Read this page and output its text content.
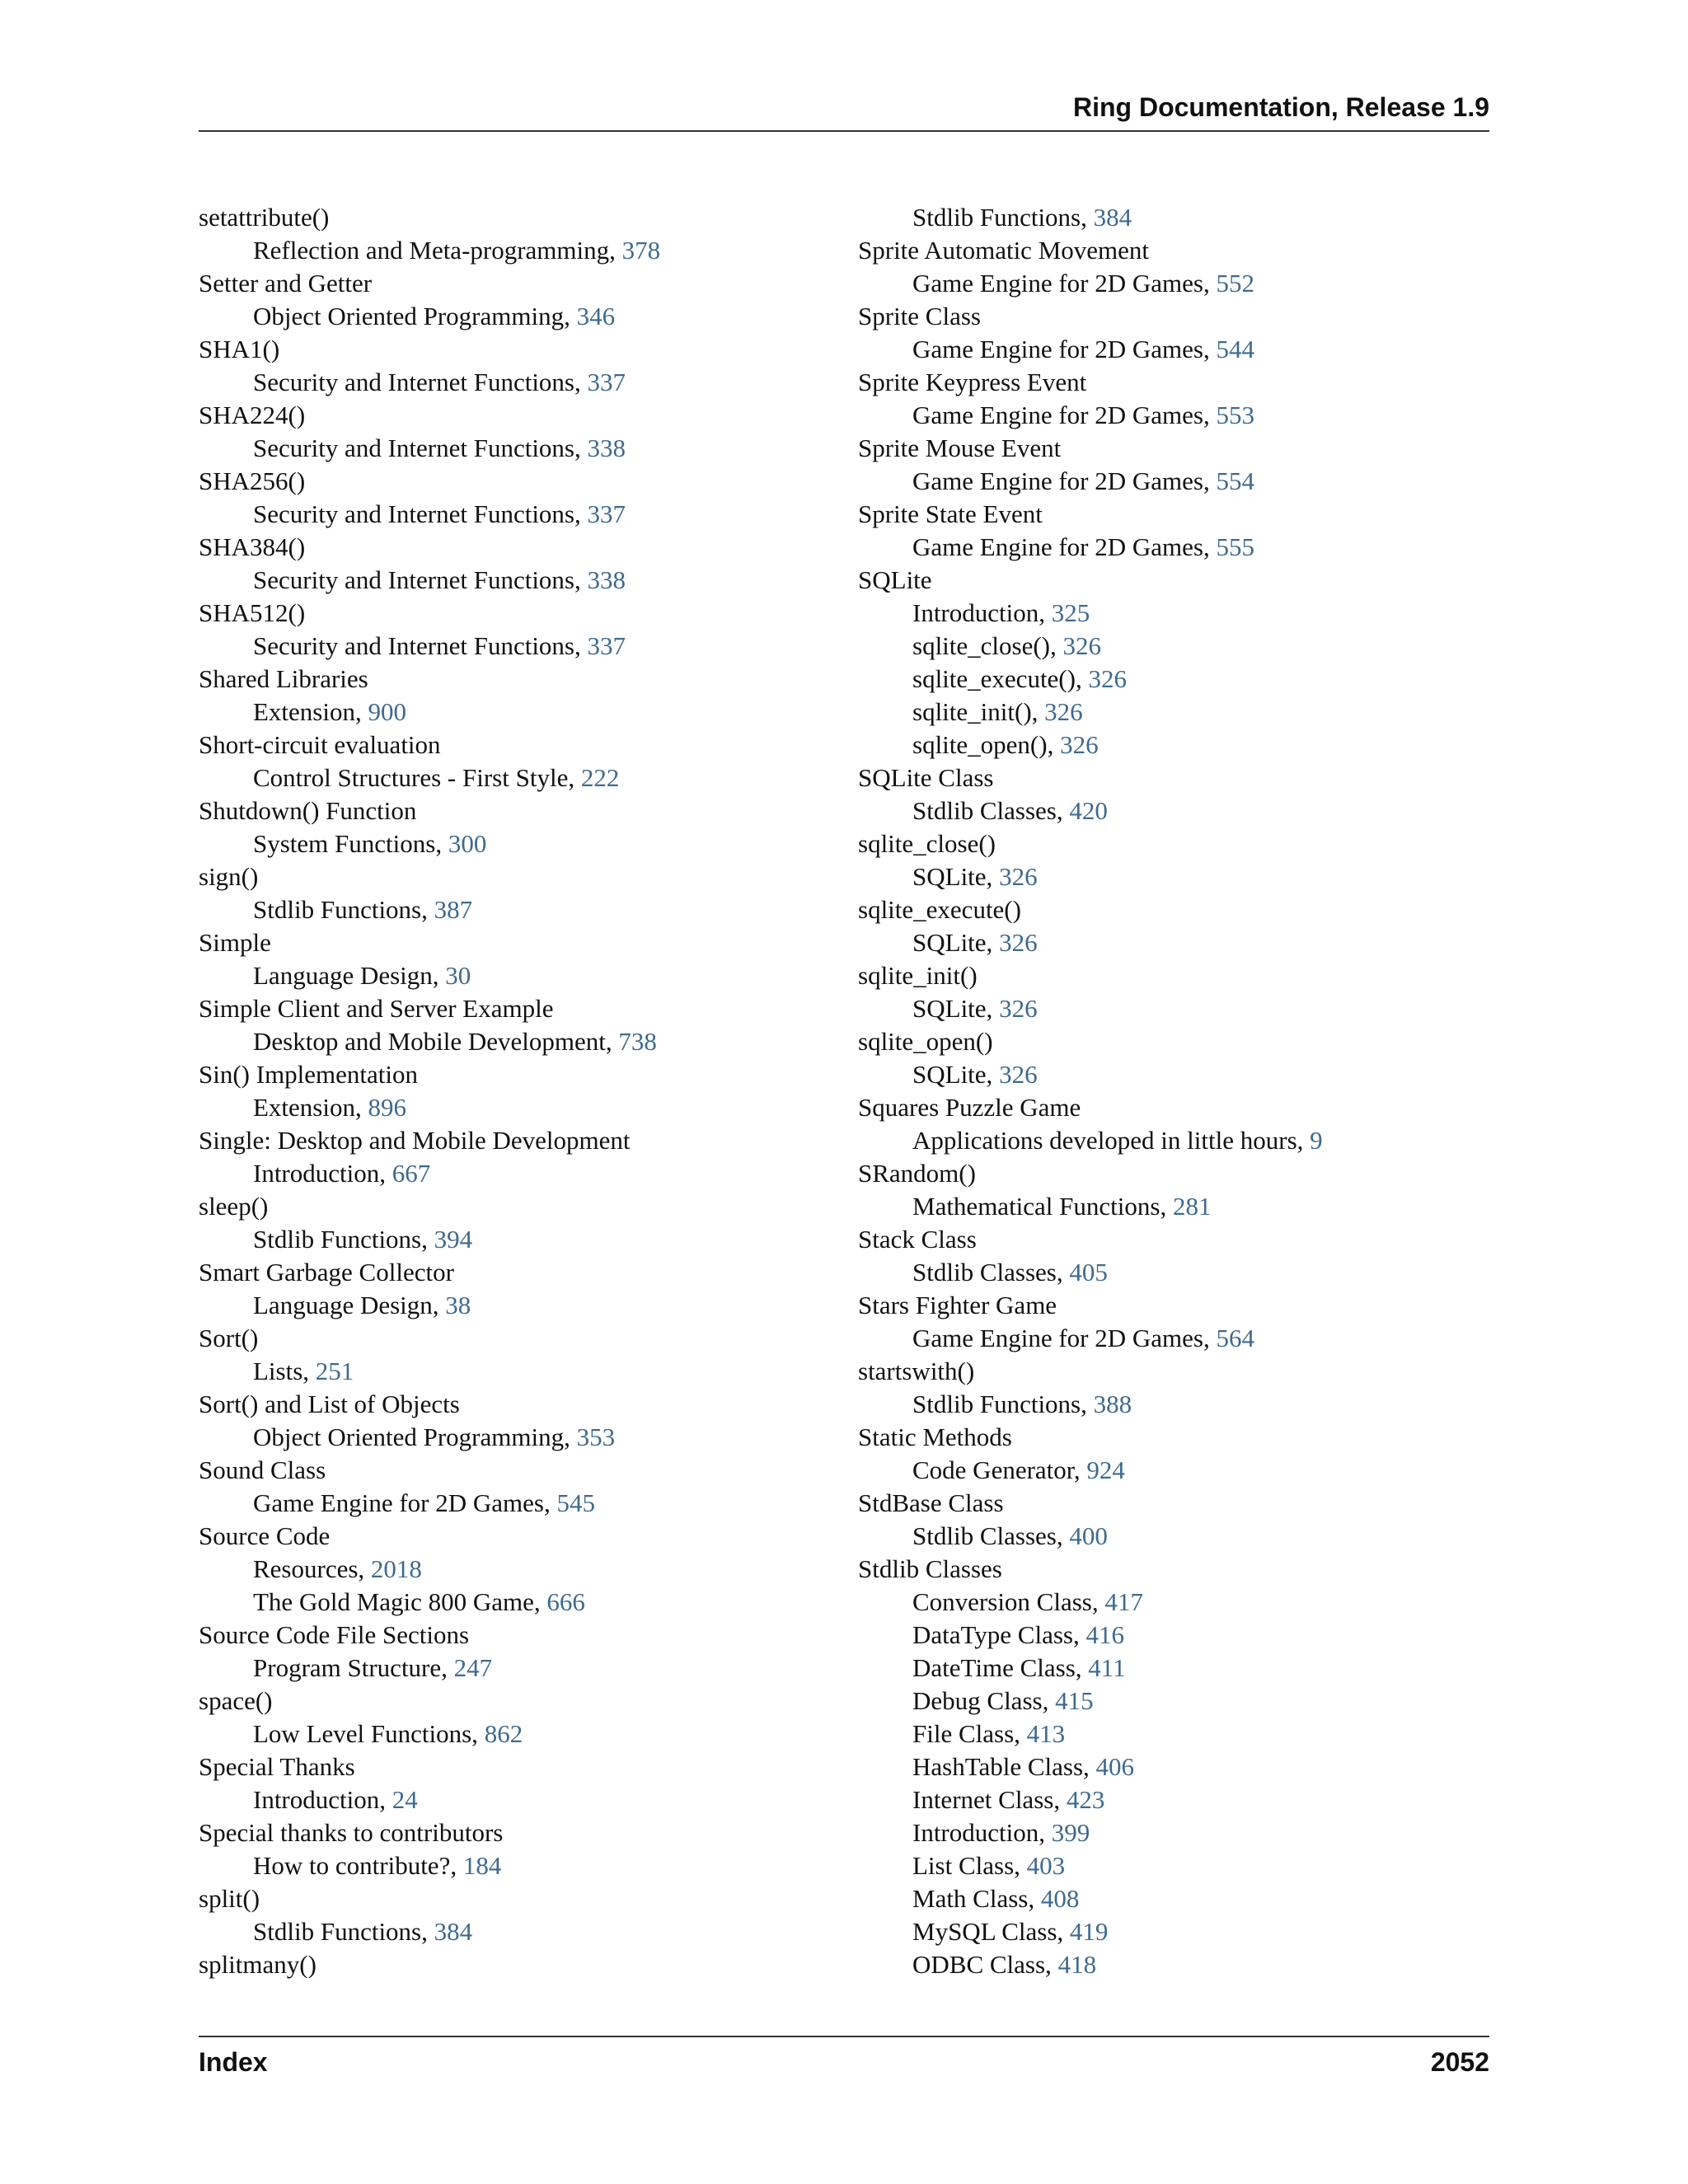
Ring Documentation, Release 1.9
setattribute()
Reflection and Meta-programming, 378
Setter and Getter
Object Oriented Programming, 346
SHA1()
Security and Internet Functions, 337
SHA224()
Security and Internet Functions, 338
SHA256()
Security and Internet Functions, 337
SHA384()
Security and Internet Functions, 338
SHA512()
Security and Internet Functions, 337
Shared Libraries
Extension, 900
Short-circuit evaluation
Control Structures - First Style, 222
Shutdown() Function
System Functions, 300
sign()
Stdlib Functions, 387
Simple
Language Design, 30
Simple Client and Server Example
Desktop and Mobile Development, 738
Sin() Implementation
Extension, 896
Single: Desktop and Mobile Development
Introduction, 667
sleep()
Stdlib Functions, 394
Smart Garbage Collector
Language Design, 38
Sort()
Lists, 251
Sort() and List of Objects
Object Oriented Programming, 353
Sound Class
Game Engine for 2D Games, 545
Source Code
Resources, 2018
The Gold Magic 800 Game, 666
Source Code File Sections
Program Structure, 247
space()
Low Level Functions, 862
Special Thanks
Introduction, 24
Special thanks to contributors
How to contribute?, 184
split()
Stdlib Functions, 384
splitmany()
Stdlib Functions, 384
Sprite Automatic Movement
Game Engine for 2D Games, 552
Sprite Class
Game Engine for 2D Games, 544
Sprite Keypress Event
Game Engine for 2D Games, 553
Sprite Mouse Event
Game Engine for 2D Games, 554
Sprite State Event
Game Engine for 2D Games, 555
SQLite
Introduction, 325
sqlite_close(), 326
sqlite_execute(), 326
sqlite_init(), 326
sqlite_open(), 326
SQLite Class
Stdlib Classes, 420
sqlite_close()
SQLite, 326
sqlite_execute()
SQLite, 326
sqlite_init()
SQLite, 326
sqlite_open()
SQLite, 326
Squares Puzzle Game
Applications developed in little hours, 9
SRandom()
Mathematical Functions, 281
Stack Class
Stdlib Classes, 405
Stars Fighter Game
Game Engine for 2D Games, 564
startswith()
Stdlib Functions, 388
Static Methods
Code Generator, 924
StdBase Class
Stdlib Classes, 400
Stdlib Classes
Conversion Class, 417
DataType Class, 416
DateTime Class, 411
Debug Class, 415
File Class, 413
HashTable Class, 406
Internet Class, 423
Introduction, 399
List Class, 403
Math Class, 408
MySQL Class, 419
ODBC Class, 418
Index	2052
